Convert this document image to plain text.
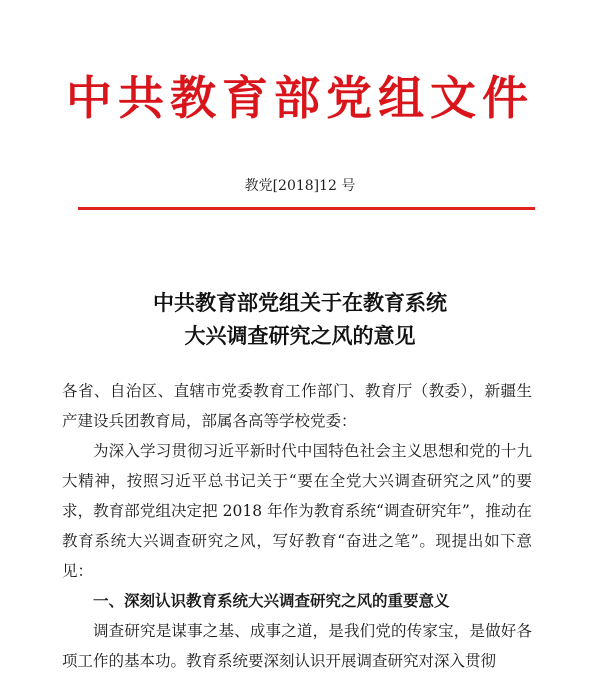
中共教育部党组文件
教党[2018]12 号
中共教育部党组关于在教育系统
大兴调查研究之风的意见

各省、自治区、直辖市党委教育工作部门、教育厅（教委），新疆生产建设兵团教育局，部属各高等学校党委：

为深入学习贯彻习近平新时代中国特色社会主义思想和党的十九大精神，按照习近平总书记关于“要在全党大兴调查研究之风”的要求，教育部党组决定把 2018 年作为教育系统“调查研究年”，推动在教育系统大兴调查研究之风，写好教育“奋进之笔”。现提出如下意见：

一、深刻认识教育系统大兴调查研究之风的重要意义

调查研究是谋事之基、成事之道，是我们党的传家宝，是做好各项工作的基本功。教育系统要深刻认识开展调查研究对深入贯彻
